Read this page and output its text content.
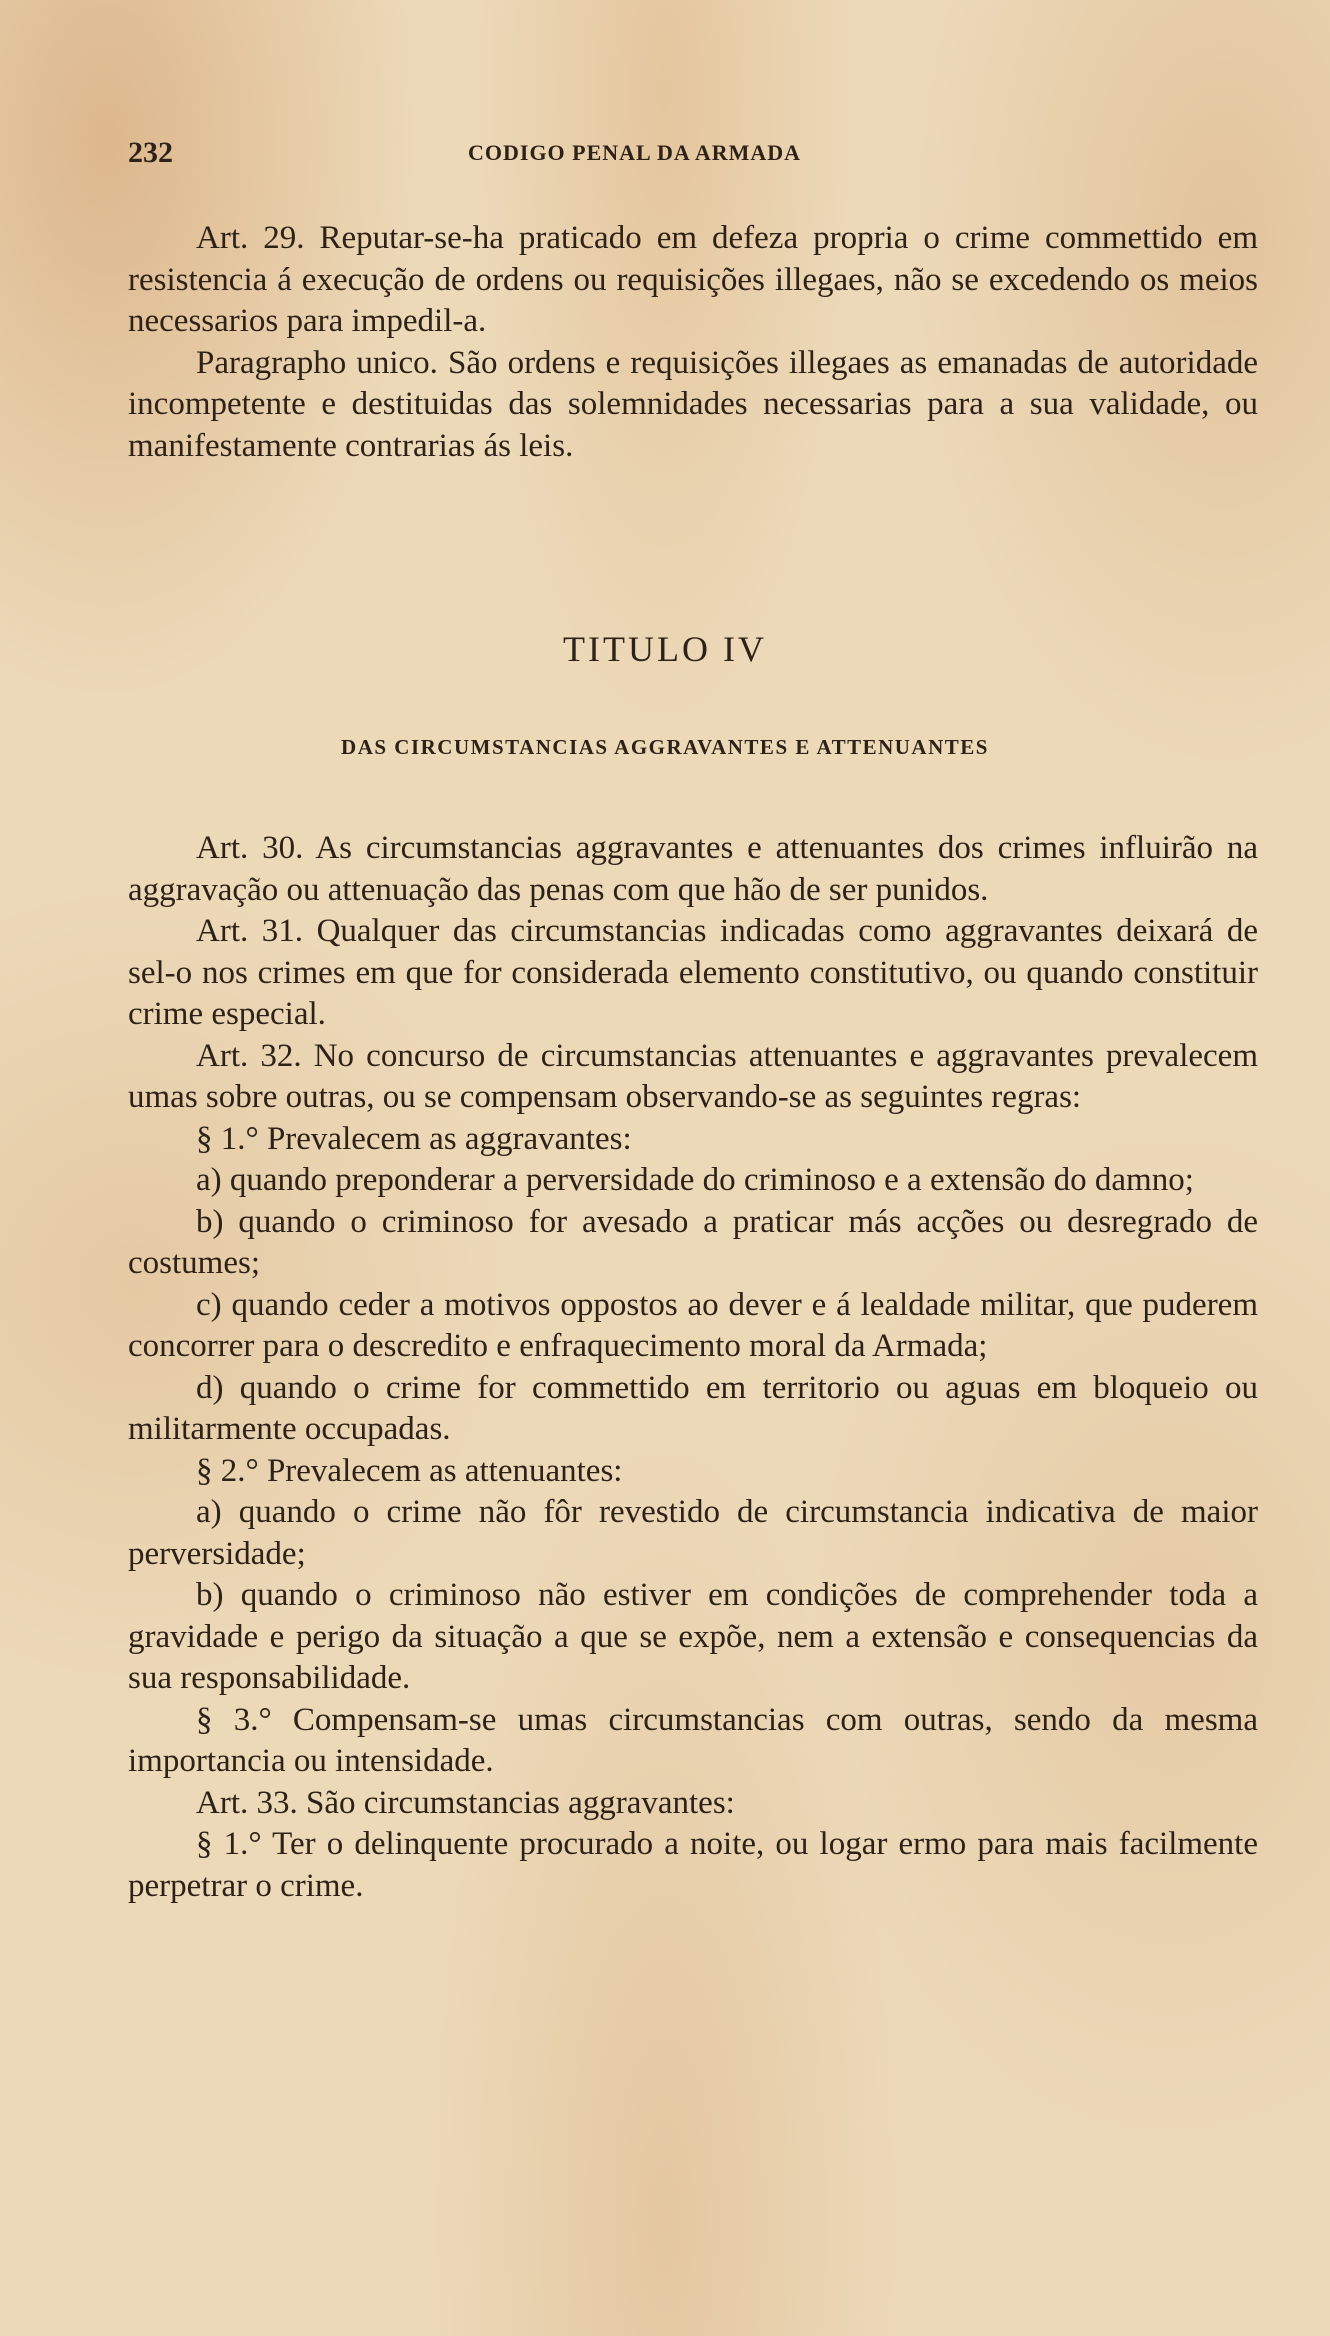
232	CODIGO PENAL DA ARMADA

Art. 29. Reputar-se-ha praticado em defeza propria o crime commettido em resistencia á execução de ordens ou requisições illegaes, não se excedendo os meios necessarios para impedil-a.

Paragrapho unico. São ordens e requisições illegaes as emanadas de autoridade incompetente e destituidas das solemnidades necessarias para a sua validade, ou manifestamente contrarias ás leis.

TITULO IV
DAS CIRCUMSTANCIAS AGGRAVANTES E ATTENUANTES

Art. 30. As circumstancias aggravantes e attenuantes dos crimes influirão na aggravação ou attenuação das penas com que hão de ser punidos.

Art. 31. Qualquer das circumstancias indicadas como aggravantes deixará de sel-o nos crimes em que for considerada elemento constitutivo, ou quando constituir crime especial.

Art. 32. No concurso de circumstancias attenuantes e aggravantes prevalecem umas sobre outras, ou se compensam observando-se as seguintes regras:

§ 1.° Prevalecem as aggravantes:

a) quando preponderar a perversidade do criminoso e a extensão do damno;

b) quando o criminoso for avesado a praticar más acções ou desregrado de costumes;

c) quando ceder a motivos oppostos ao dever e á lealdade militar, que puderem concorrer para o descredito e enfraquecimento moral da Armada;

d) quando o crime for commettido em territorio ou aguas em bloqueio ou militarmente occupadas.

§ 2.° Prevalecem as attenuantes:

a) quando o crime não fôr revestido de circumstancia indicativa de maior perversidade;

b) quando o criminoso não estiver em condições de comprehender toda a gravidade e perigo da situação a que se expõe, nem a extensão e consequencias da sua responsabilidade.

§ 3.° Compensam-se umas circumstancias com outras, sendo da mesma importancia ou intensidade.

Art. 33. São circumstancias aggravantes:

§ 1.° Ter o delinquente procurado a noite, ou logar ermo para mais facilmente perpetrar o crime.
